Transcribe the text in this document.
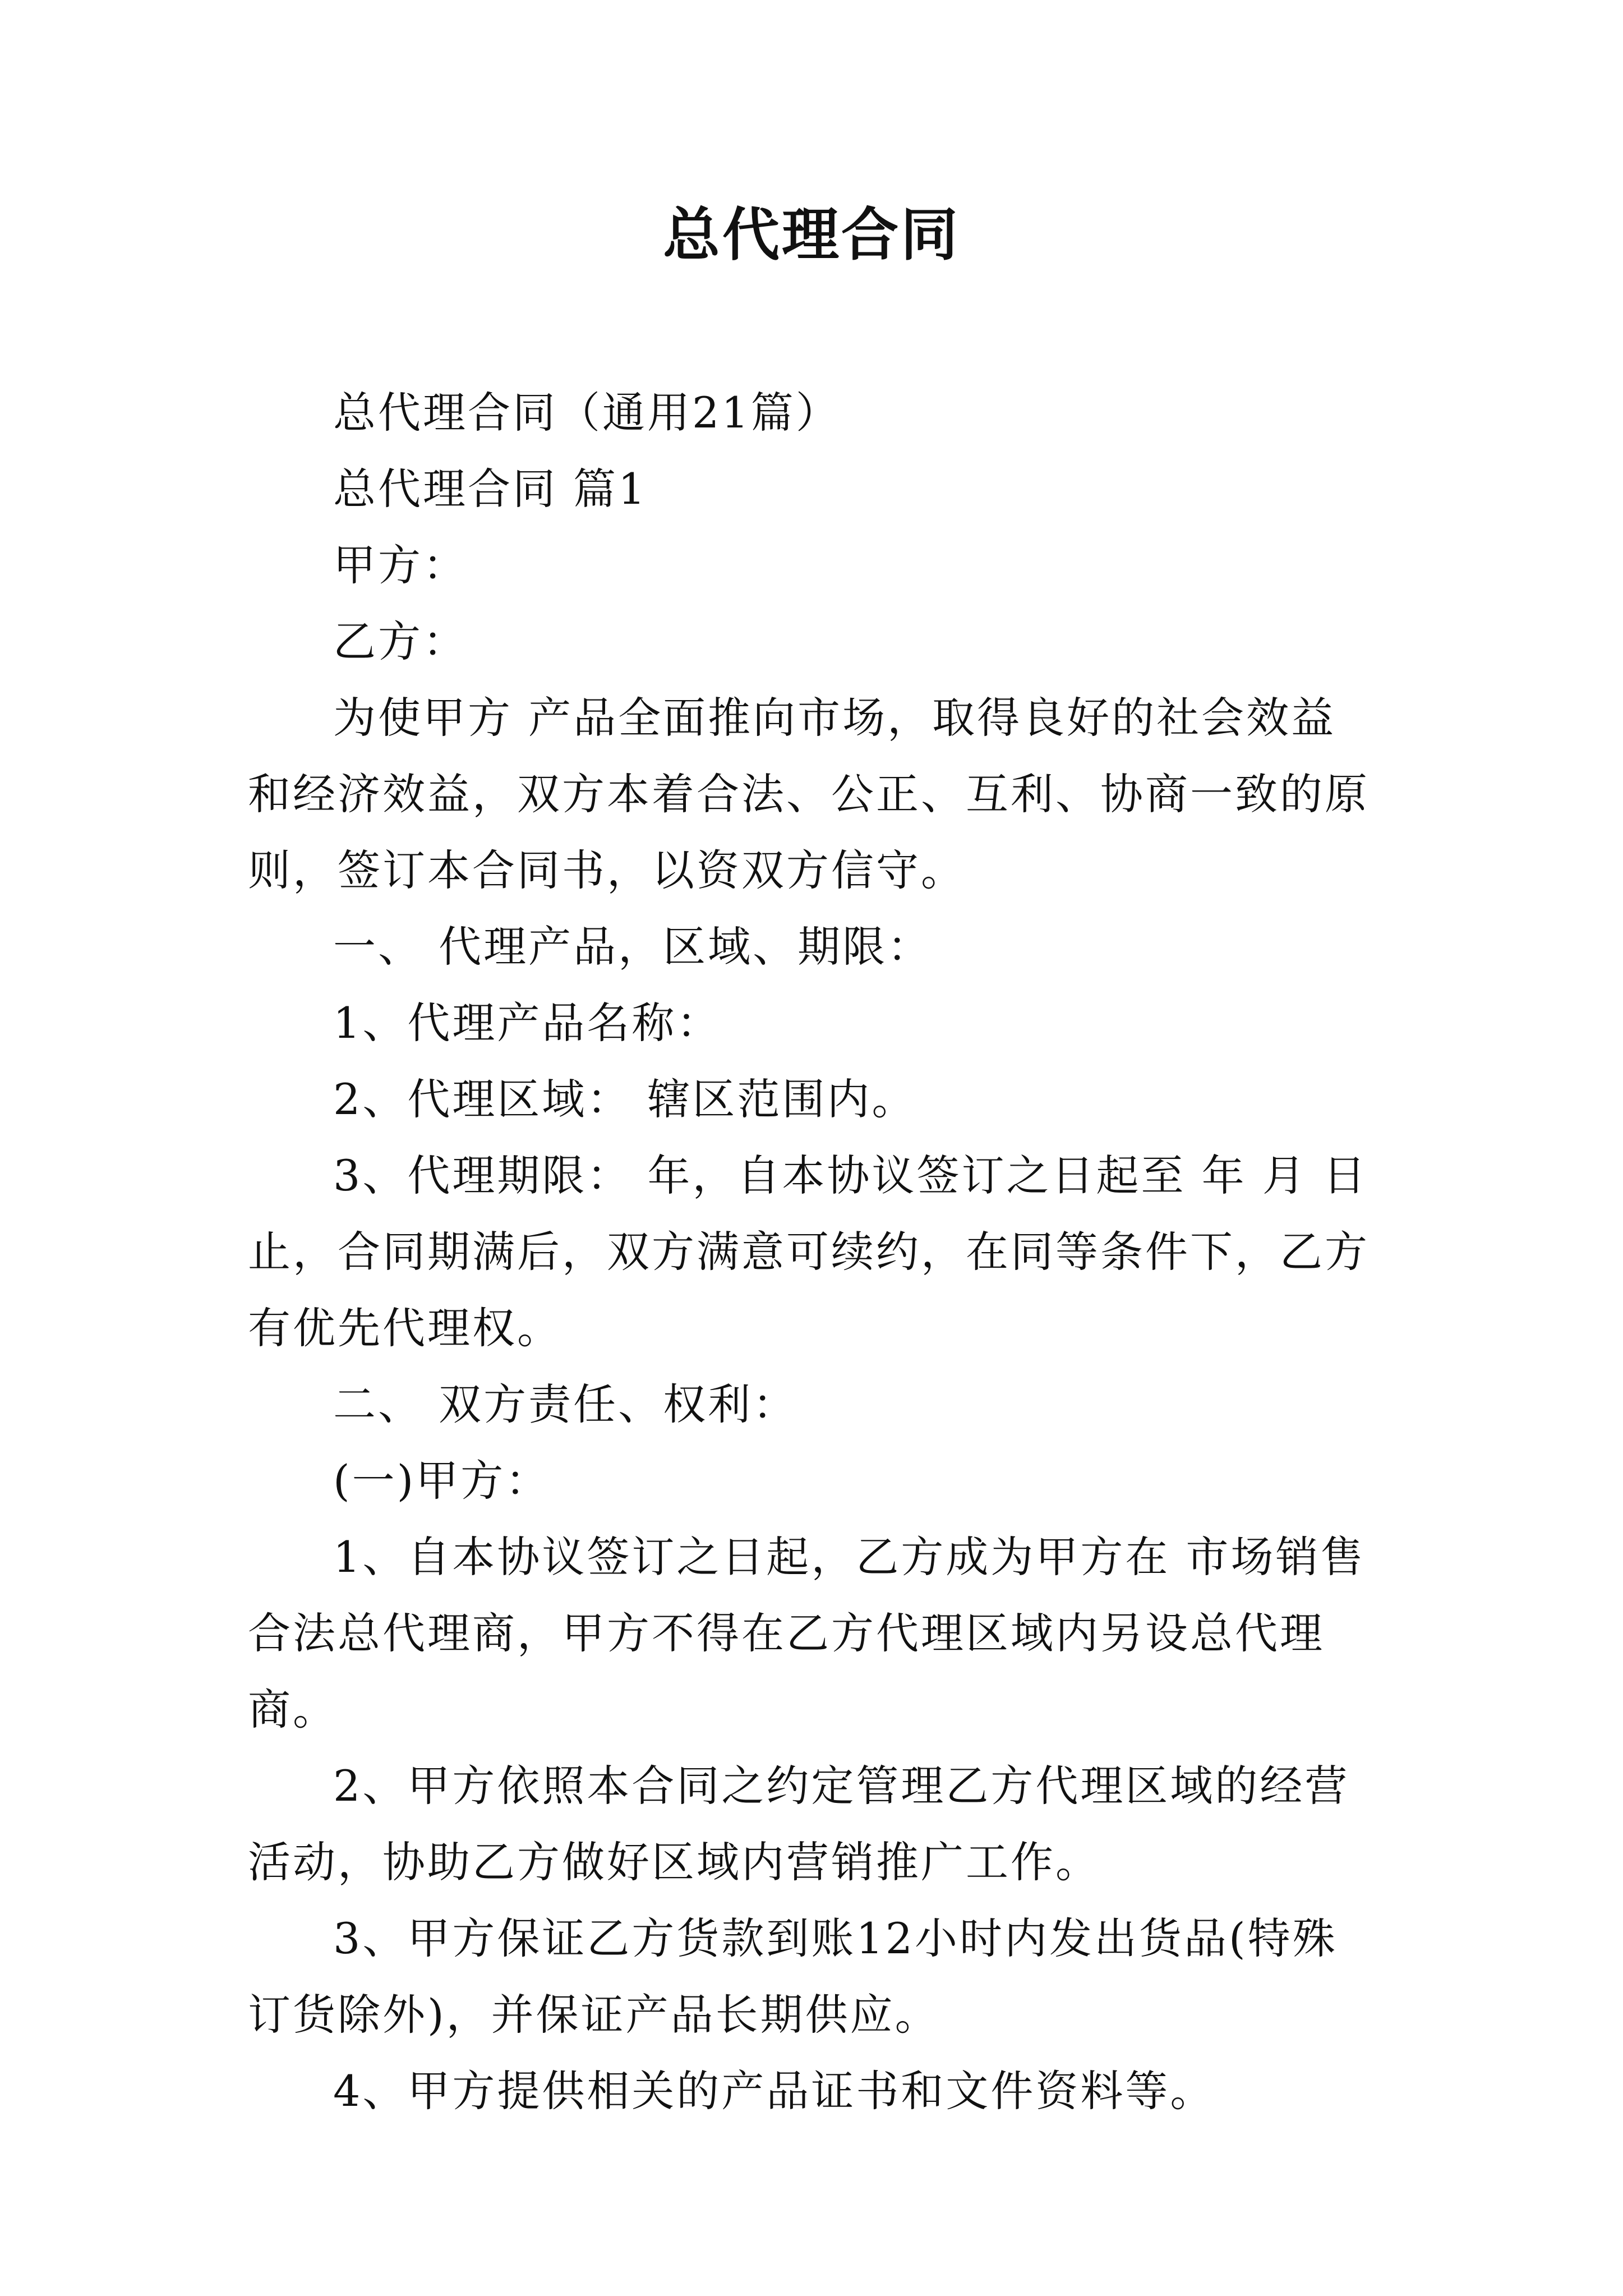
总代理合同

总代理合同（通用21篇）

总代理合同 篇1

甲方：

乙方：

为使甲方 产品全面推向市场，取得良好的社会效益和经济效益，双方本着合法、公正、互利、协商一致的原则，签订本合同书，以资双方信守。

一、 代理产品，区域、期限：

1、代理产品名称：

2、代理区域： 辖区范围内。

3、代理期限： 年，自本协议签订之日起至 年 月 日止，合同期满后，双方满意可续约，在同等条件下，乙方有优先代理权。

二、 双方责任、权利：

(一)甲方：

1、自本协议签订之日起，乙方成为甲方在 市场销售合法总代理商，甲方不得在乙方代理区域内另设总代理商。

2、甲方依照本合同之约定管理乙方代理区域的经营活动，协助乙方做好区域内营销推广工作。

3、甲方保证乙方货款到账12小时内发出货品(特殊订货除外)，并保证产品长期供应。

4、甲方提供相关的产品证书和文件资料等。
